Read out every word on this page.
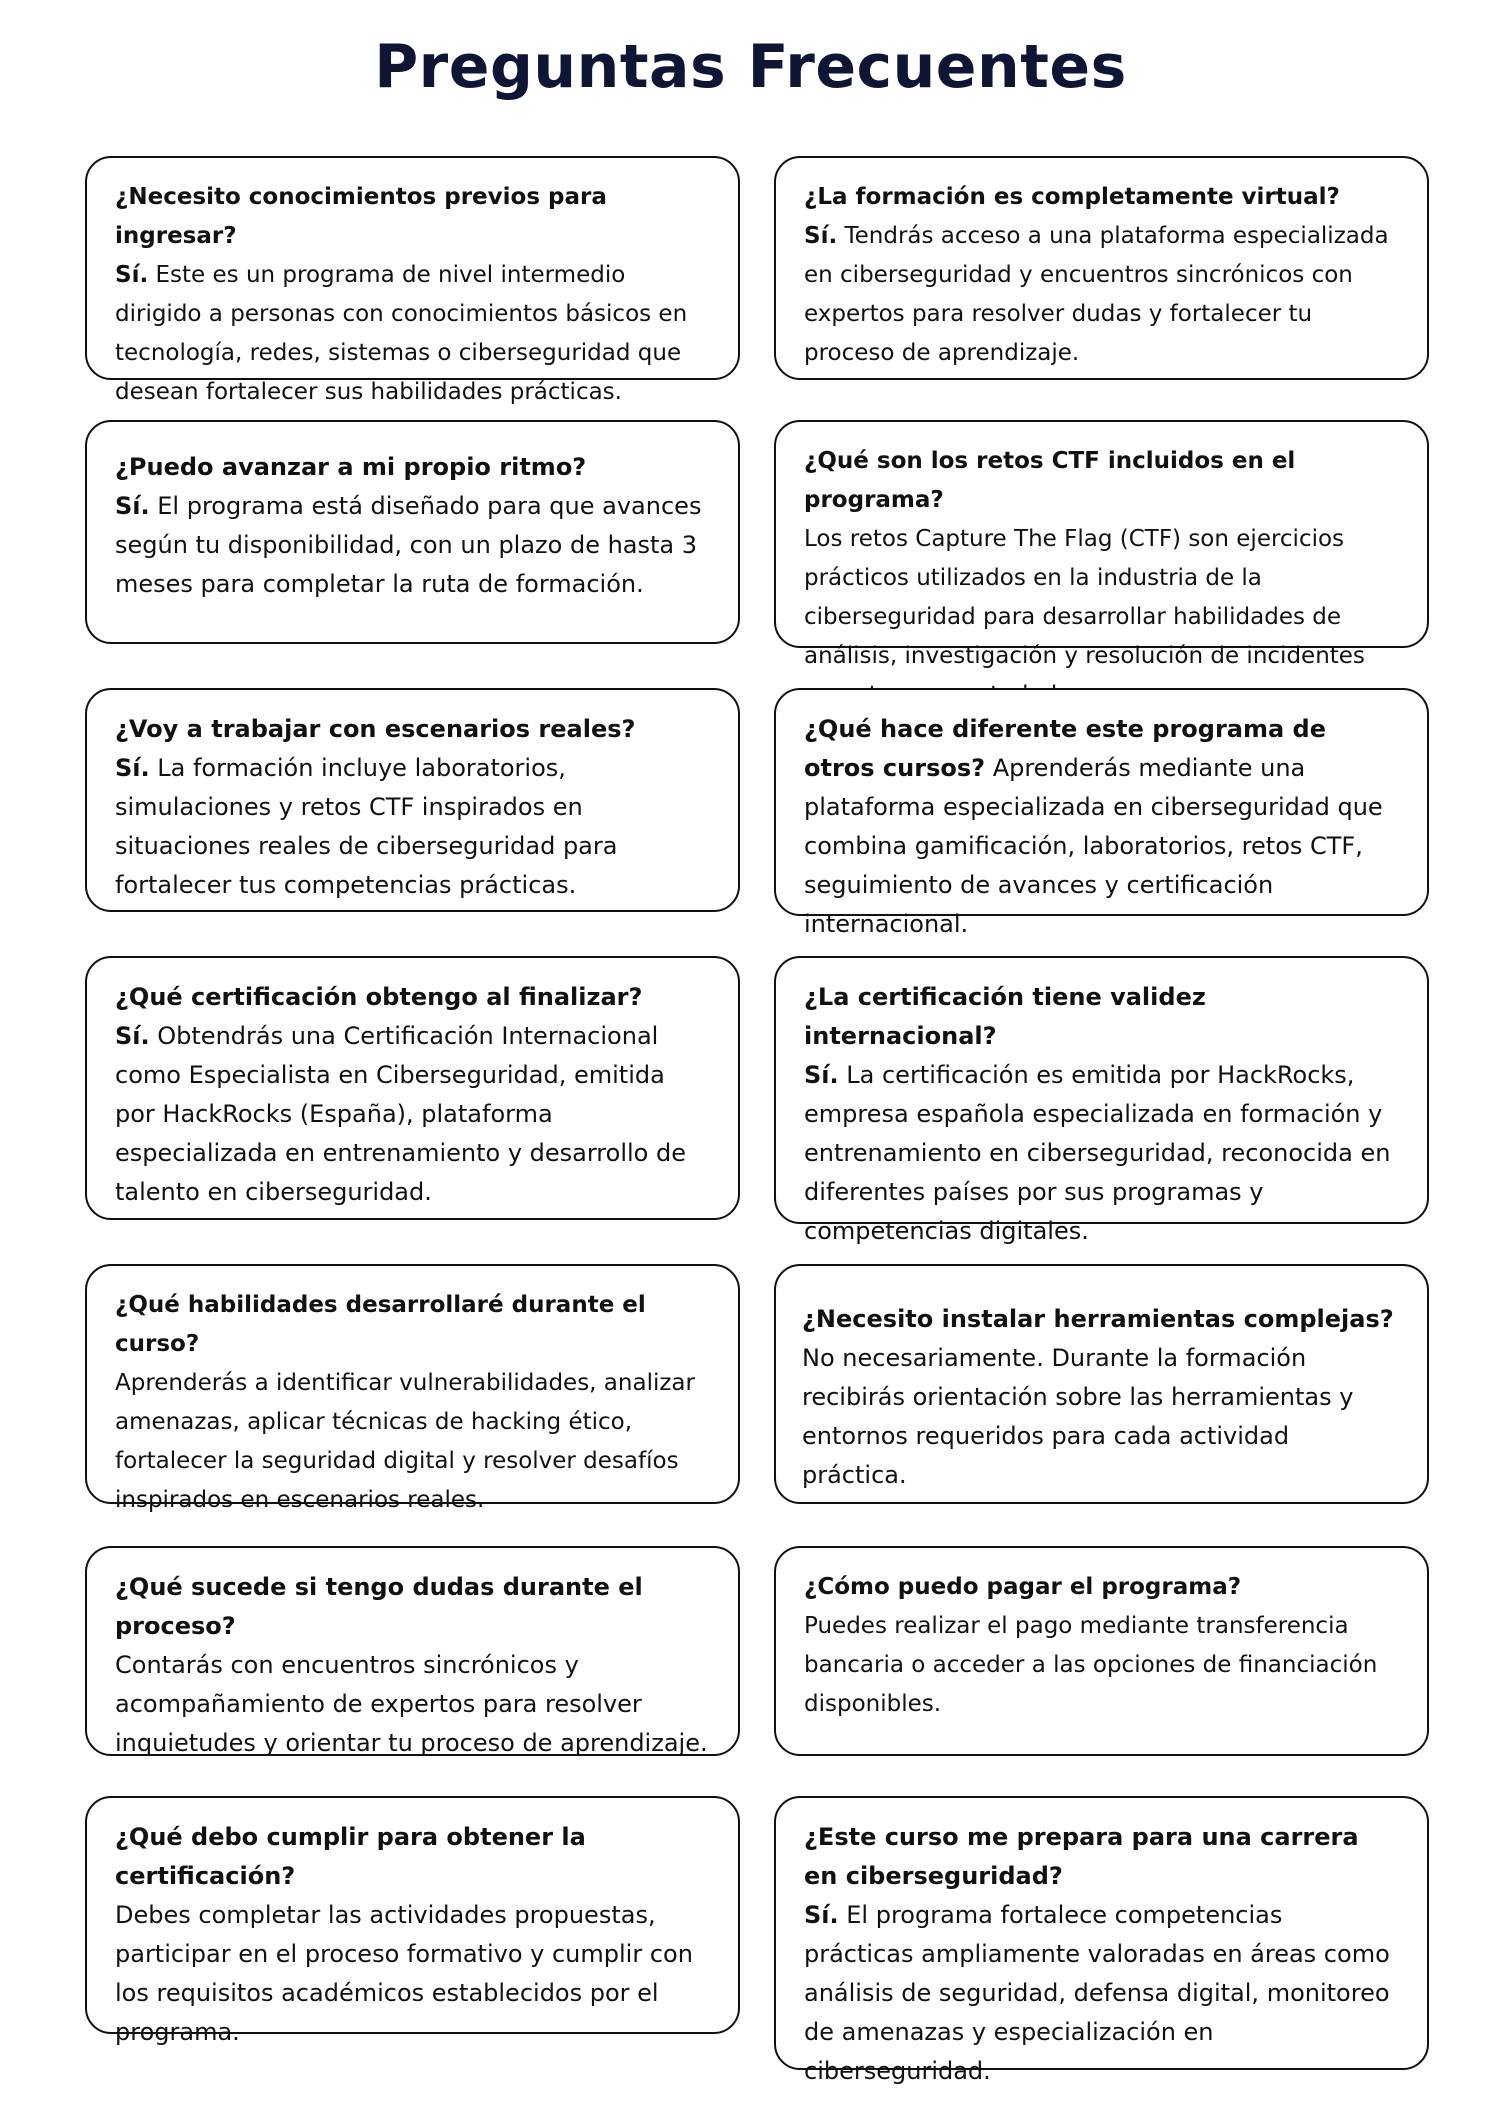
Preguntas Frecuentes
¿Necesito conocimientos previos para ingresar?
Sí. Este es un programa de nivel intermedio dirigido a personas con conocimientos básicos en tecnología, redes, sistemas o ciberseguridad que desean fortalecer sus habilidades prácticas.
¿La formación es completamente virtual?
Sí. Tendrás acceso a una plataforma especializada en ciberseguridad y encuentros sincrónicos con expertos para resolver dudas y fortalecer tu proceso de aprendizaje.
¿Puedo avanzar a mi propio ritmo?
Sí. El programa está diseñado para que avances según tu disponibilidad, con un plazo de hasta 3 meses para completar la ruta de formación.
¿Qué son los retos CTF incluidos en el programa?
Los retos Capture The Flag (CTF) son ejercicios prácticos utilizados en la industria de la ciberseguridad para desarrollar habilidades de análisis, investigación y resolución de incidentes
¿Voy a trabajar con escenarios reales?
Sí. La formación incluye laboratorios, simulaciones y retos CTF inspirados en situaciones reales de ciberseguridad para fortalecer tus competencias prácticas.
¿Qué hace diferente este programa de otros cursos? Aprenderás mediante una plataforma especializada en ciberseguridad que combina gamificación, laboratorios, retos CTF, seguimiento de avances y certificación internacional.
¿Qué certificación obtengo al finalizar?
Sí. Obtendrás una Certificación Internacional como Especialista en Ciberseguridad, emitida por HackRocks (España), plataforma especializada en entrenamiento y desarrollo de talento en ciberseguridad.
¿La certificación tiene validez internacional?
Sí. La certificación es emitida por HackRocks, empresa española especializada en formación y entrenamiento en ciberseguridad, reconocida en diferentes países por sus programas y competencias digitales.
¿Qué habilidades desarrollaré durante el curso?
Aprenderás a identificar vulnerabilidades, analizar amenazas, aplicar técnicas de hacking ético, fortalecer la seguridad digital y resolver desafíos inspirados en escenarios reales.
¿Necesito instalar herramientas complejas?
No necesariamente. Durante la formación recibirás orientación sobre las herramientas y entornos requeridos para cada actividad práctica.
¿Qué sucede si tengo dudas durante el proceso?
Contarás con encuentros sincrónicos y acompañamiento de expertos para resolver inquietudes y orientar tu proceso de aprendizaje.
¿Cómo puedo pagar el programa?
Puedes realizar el pago mediante transferencia bancaria o acceder a las opciones de financiación disponibles.
¿Qué debo cumplir para obtener la certificación?
Debes completar las actividades propuestas, participar en el proceso formativo y cumplir con los requisitos académicos establecidos por el programa.
¿Este curso me prepara para una carrera en ciberseguridad?
Sí. El programa fortalece competencias prácticas ampliamente valoradas en áreas como análisis de seguridad, defensa digital, monitoreo de amenazas y especialización en ciberseguridad.
